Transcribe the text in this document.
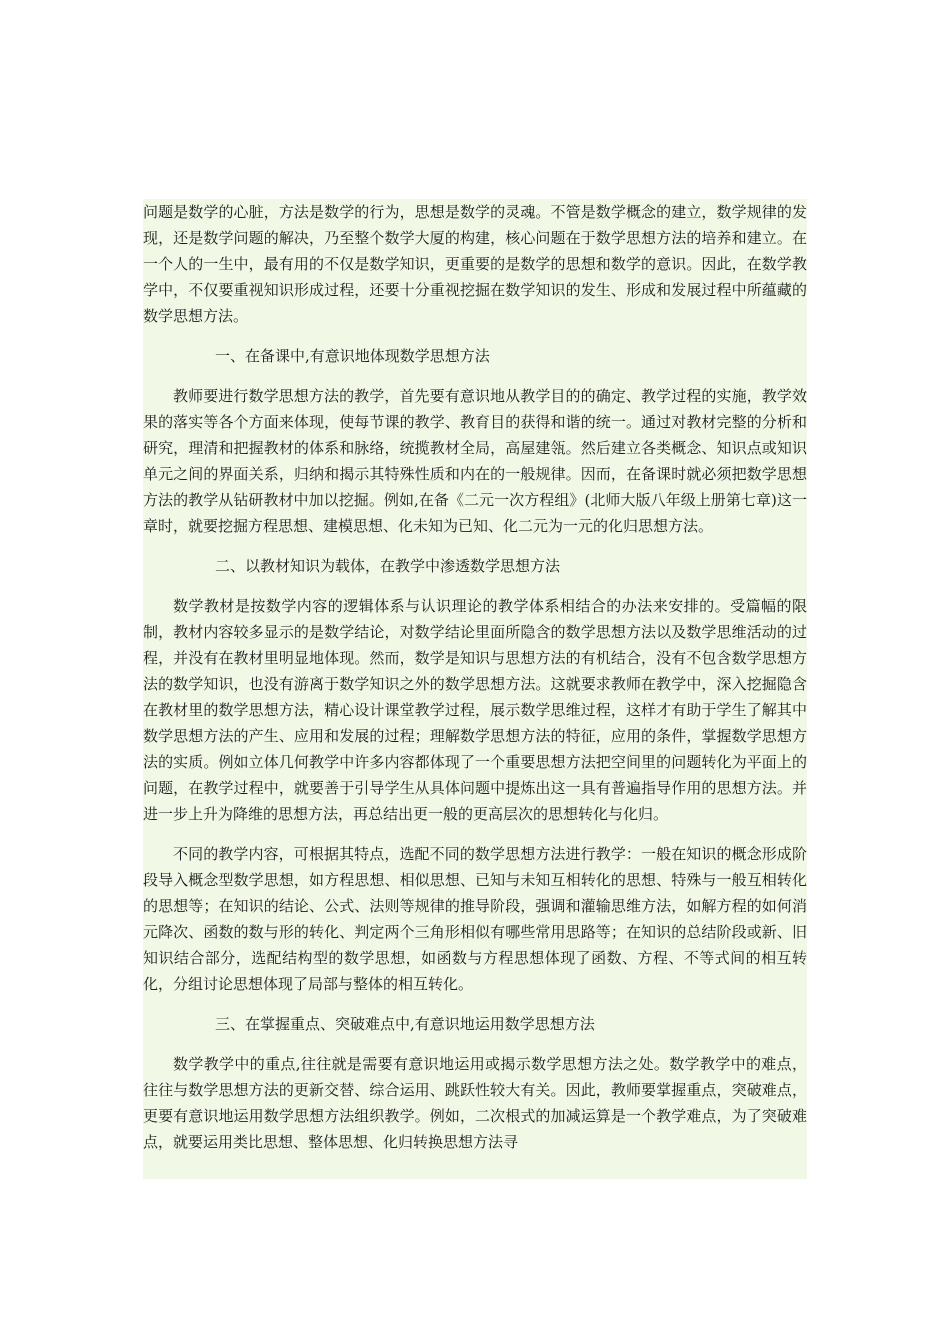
问题是数学的心脏，方法是数学的行为，思想是数学的灵魂。不管是数学概念的建立，数学规律的发现，还是数学问题的解决，乃至整个数学大厦的构建，核心问题在于数学思想方法的培养和建立。在一个人的一生中，最有用的不仅是数学知识，更重要的是数学的思想和数学的意识。因此，在数学教学中，不仅要重视知识形成过程，还要十分重视挖掘在数学知识的发生、形成和发展过程中所蕴藏的数学思想方法。

一、在备课中,有意识地体现数学思想方法

教师要进行数学思想方法的教学，首先要有意识地从教学目的的确定、教学过程的实施，教学效果的落实等各个方面来体现，使每节课的教学、教育目的获得和谐的统一。通过对教材完整的分析和研究，理清和把握教材的体系和脉络，统揽教材全局，高屋建瓴。然后建立各类概念、知识点或知识单元之间的界面关系，归纳和揭示其特殊性质和内在的一般规律。因而，在备课时就必须把数学思想方法的教学从钻研教材中加以挖掘。例如,在备《二元一次方程组》(北师大版八年级上册第七章)这一章时，就要挖掘方程思想、建模思想、化未知为已知、化二元为一元的化归思想方法。

二、以教材知识为载体，在教学中渗透数学思想方法

数学教材是按数学内容的逻辑体系与认识理论的教学体系相结合的办法来安排的。受篇幅的限制，教材内容较多显示的是数学结论，对数学结论里面所隐含的数学思想方法以及数学思维活动的过程，并没有在教材里明显地体现。然而，数学是知识与思想方法的有机结合，没有不包含数学思想方法的数学知识，也没有游离于数学知识之外的数学思想方法。这就要求教师在教学中，深入挖掘隐含在教材里的数学思想方法，精心设计课堂教学过程，展示数学思维过程，这样才有助于学生了解其中数学思想方法的产生、应用和发展的过程；理解数学思想方法的特征，应用的条件，掌握数学思想方法的实质。例如立体几何教学中许多内容都体现了一个重要思想方法把空间里的问题转化为平面上的问题，在教学过程中，就要善于引导学生从具体问题中提炼出这一具有普遍指导作用的思想方法。并进一步上升为降维的思想方法，再总结出更一般的更高层次的思想转化与化归。

不同的教学内容，可根据其特点，选配不同的数学思想方法进行教学：一般在知识的概念形成阶段导入概念型数学思想，如方程思想、相似思想、已知与未知互相转化的思想、特殊与一般互相转化的思想等；在知识的结论、公式、法则等规律的推导阶段，强调和灌输思维方法，如解方程的如何消元降次、函数的数与形的转化、判定两个三角形相似有哪些常用思路等；在知识的总结阶段或新、旧知识结合部分，选配结构型的数学思想，如函数与方程思想体现了函数、方程、不等式间的相互转化，分组讨论思想体现了局部与整体的相互转化。

三、在掌握重点、突破难点中,有意识地运用数学思想方法

数学教学中的重点,往往就是需要有意识地运用或揭示数学思想方法之处。数学教学中的难点，往往与数学思想方法的更新交替、综合运用、跳跃性较大有关。因此，教师要掌握重点，突破难点，更要有意识地运用数学思想方法组织教学。例如，二次根式的加减运算是一个教学难点，为了突破难点，就要运用类比思想、整体思想、化归转换思想方法寻
